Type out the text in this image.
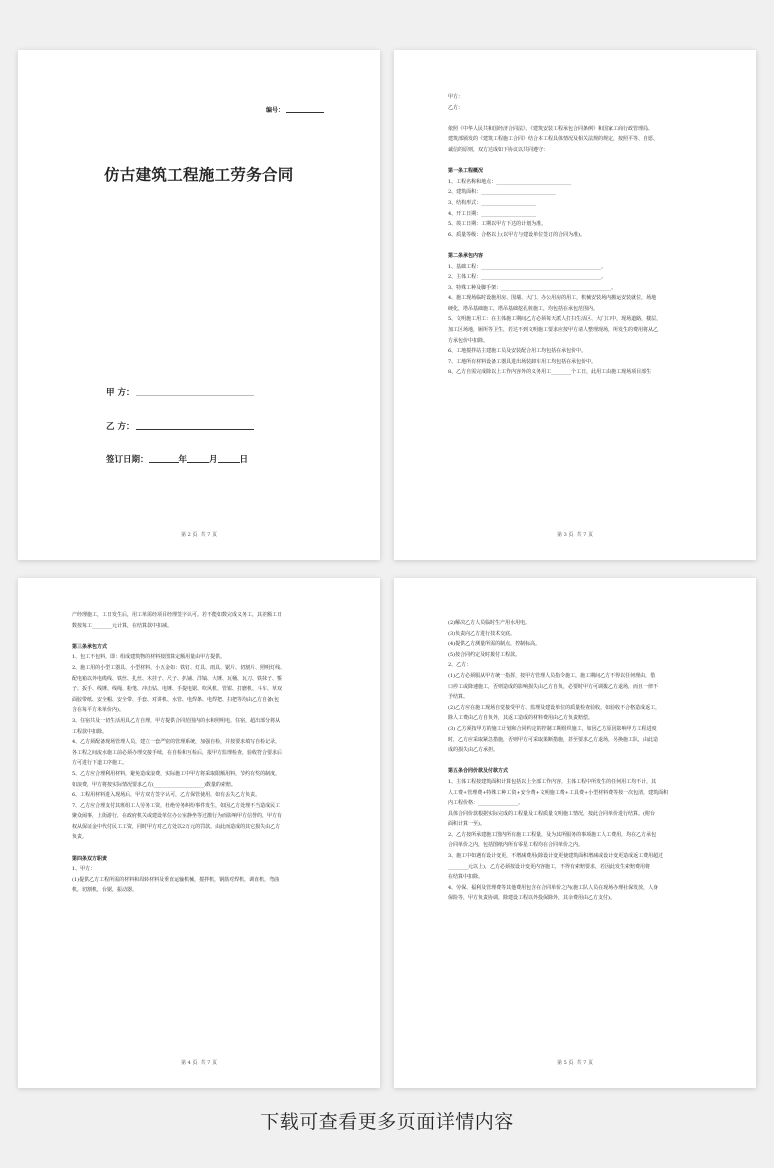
编号：
仿古建筑工程施工劳务合同
甲 方：
乙 方：
签订日期：	年	月	日
第 2 页  共 7 页

甲方：

乙方：

依照《中华人民共和国经济合同法》、《建筑安装工程承包合同条例》和国家工商行政管理局、

建筑部颁发的《建筑工程施工合同》结合本工程具体情况及相关法规的规定，按照平等、自愿、

诚信的原则，双方达成如下协议以共同遵守：

第一条工程概况

1、工程名称和地点：______________________________

2、建筑面积：______________________________

3、结构形式：______________________

4、开工日期：______________________

5、竣工日期：工期以甲方下达的计划为准。

6、质量等级：合格以上(以甲方与建设单位签订的合同为准)。

第二条承包内容

1、基础工程：________________________________________________。

2、主体工程：________________________________________________。

3、特殊工种及脚手架：____________________________________________。

4、施工现场临时设施用房、围墙、大门、办公用房的用工，机械安装场内搬运安装就位，场地

硬化，塔吊基础施工，塔吊基础挖孔桩施工，均包括在承包范围内。

5、文明施工用工：在主体施工期间乙方必须每天派人打扫生活区、大门口中，现场道路，楼层，

加工区场地，厕所等卫生，若达不到文明施工要求应按甲方请人整理现场，所发生的费用将从乙

方承包价中扣除。

6、工地搅拌站主建施工员及安装配合用工均包括在承包价中。

7、工地所有材料设备工器具进出场装卸车用工均包括在承包价中。

8、乙方自需完成除以上工作内容外的义务用工________个工日，此用工由施工现场项目部生

第 3 页  共 7 页

产经理施工，工日发生后，用工单需经项目经理签字认可。若不能如数完成义务工，其差额工日

数按每工________元计算，在结算款中扣减。

第三条承包方式

1、包工不包料，即：组成建筑物的材料按图算定额用量由甲方提供。

2、施工用的小型工器具、小型材料、小五金如：铁钉、灯具、雨具、锯片、切割片、照明灯线、

配电箱以外电缆线、铁丝、扎丝、木挂子、尺子、扒铺、洋镐、大锤、瓦桶、瓦刀、铁抹子、錾

子、扳手、线锤、线绳、粉笔、冲击钻、电锤、手提电锯、吹风机、管钳、打磨机、斗车、草双

面胶带纸、安全帽、安全带、手套、对讲机、水管、电焊条、电焊把、扫把等均由乙方自备(包

含在每平方米单价内)。

3、住宿共及一切生活用具乙方自理，甲方提供合同范围内的水和照明电，住宿，超出部分将从

工程款中扣除。

4、乙方须配备现场管理人员，建立一套严密的管理系统，加强自检，并按要求填写自检记录，

各工程之间流水施工前必须办理交接手续，在自检和互检后，报甲方监理检查，验收符合要求后

方可进行下道工序施工。

5、乙方应合理利用材料，避免造成浪费，实际施工中甲方将采取限额用料，节约有奖的制度，

如浪费，甲方将按实际情况要求乙方(____________________)数量的索赔。

6、工程用材料进入现场后，甲方双方签字认可，乙方保管使用，如有丢失乙方负责。

7、乙方应合理支付其班组工人劳务工资，杜绝劳务纠纷事件发生，如因乙方处理不当造成民工

聚众闹事，上街游行，在政府机关或建设单位办公室静坐等过激行为而影响甲方信誉的，甲方有

权从保证金中代付民工工资，同时甲方对乙方处以2万元的罚款，由此而造成的其它损失由乙方

负责。

第四条双方职责

1、甲方：

(1)提供乙方工程所需的材料和周转材料及垂直运输机械，搅拌机，钢筋对焊机，调直机，弯曲

机，切割机，台锯，振动器。

第 4 页  共 7 页

(2)解决乙方人员临时生产用水用电。

(3)负责向乙方进行技术交底。

(4)提供乙方测量所需的制点，控制标高。

(5)按合同约定及时拨付工程款。

2、乙方：

(1)乙方必须服从甲方统一指挥，按甲方管理人员指令施工，施工期间乙方不得以任何理由，借

口停工或降速施工，否则造成的影响损失由乙方自负，必要时甲方可调拨乙方退场，而且一律不

予结算。

(2)乙方应在施工现场自觉接受甲方、监理及建设单位的质量检查验收，如验收不合格造成返工，

除人工费由乙方自负外，其返工造成的材料费用由乙方负责赔偿。

(3) 乙方须按甲方的施工计划和合同约定的控制工期组织施工，如因乙方原因影响甲方工程进度

时，乙方应采取紧急措施，否则甲方可采取果断措施，甚至要求乙方退场，另换施工队，由此造

成的损失由乙方承担。

第五条合同价款及付款方式

1、主体工程按建筑面积计算包括以上全部工作内容，主体工程中所发生的任何用工均不计，其

人工费+管理费+特殊工种工资+安全费+文明施工费+工具费+小型材料费等按一次包清，建筑面积

内工程价格：________________。

具体合同价款根据实际完成的工程量及工程质量文明施工情况，按此合同单价进行结算。(附台

面积计算一至)。

2、乙方按所承建施工图内所有施工工程量，及为其所服务的事项施工人工费用，均在乙方承包

合同单价之内，包括图纸内所有零星工程均在合同单价之内。

3、施工中如遇有设计变更，不增减费用(除设计变更使建筑面积增减或设计变更造成返工费用超过

________元以上)，乙方必须按设计变更内容施工，不得有索赔要求，若因此发生索赔费用将

在结算中扣除。

4、劳保、福利及管理费等其他费用包含在合同单价之内(施工队人员在现场办理社保发放，人身

保险等，甲方负责协调，除建设工程以外投保除外，其余费用由乙方支付)。

第 5 页  共 7 页
下载可查看更多页面详情内容
